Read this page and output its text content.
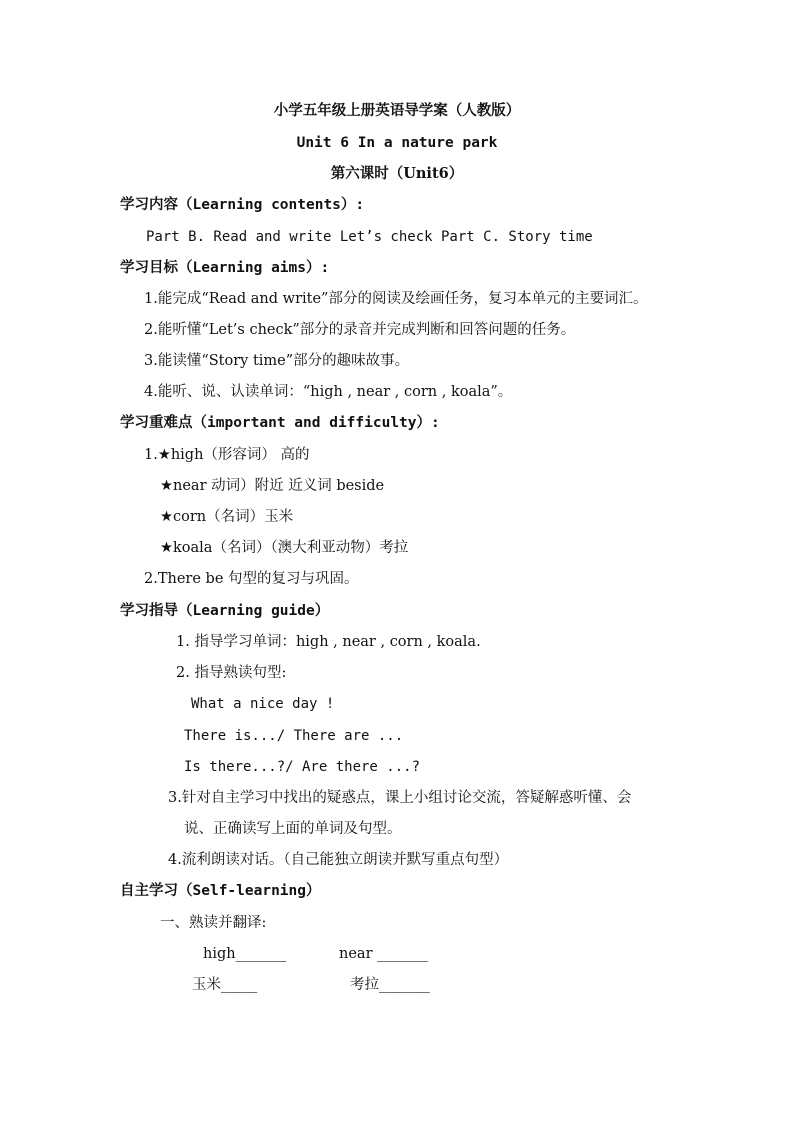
小学五年级上册英语导学案（人教版）
Unit 6 In a nature park
第六课时（Unit6）
学习内容（Learning contents）:
Part B. Read and write Let’s check Part C. Story time
学习目标（Learning aims）:
1.能完成“Read and write”部分的阅读及绘画任务，复习本单元的主要词汇。
2.能听懂“Let’s check”部分的录音并完成判断和回答问题的任务。
3.能读懂“Story time”部分的趣味故事。
4.能听、说、认读单词：“high , near , corn , koala”。
学习重难点（important and difficulty）:
1.★high（形容词） 高的
★near 动词）附近 近义词 beside
★corn（名词）玉米
★koala（名词）（澳大利亚动物）考拉
2.There be 句型的复习与巩固。
学习指导（Learning guide）
1. 指导学习单词：high , near , corn , koala.
2. 指导熟读句型:
What a nice day !
There is.../ There are ...
Is there...?/ Are there ...?
3.针对自主学习中找出的疑惑点，课上小组讨论交流，答疑解惑听懂、会
说、正确读写上面的单词及句型。
4.流利朗读对话。（自己能独立朗读并默写重点句型）
自主学习（Self-learning）
一、熟读并翻译:
high_______	near _______
玉米_____	考拉_______
